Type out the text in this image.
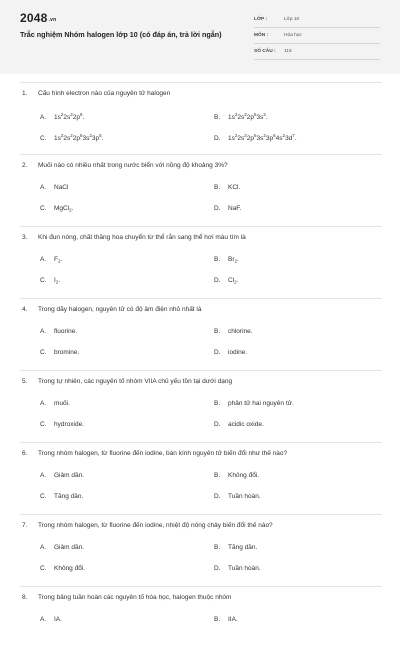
2048.vn
Trắc nghiệm Nhóm halogen lớp 10 (có đáp án, trả lời ngắn)
LỚP :	Lớp 10
MÔN :	Hóa học
SỐ CÂU : 115
1. Cấu hình electron nào của nguyên tử halogen
A. $1s^22s^22p^6$.	B. $1s^22s^22p^63s^2$.
C. $1s^22s^22p^63s^23p^5$.	D. $1s^22s^22p^63s^23p^64s^23d^7$.
2. Muối nào có nhiều nhất trong nước biển với nồng độ khoảng 3%?
A. NaCl	B. KCl.
C. MgCl$_2$.	D. NaF.
3. Khi đun nóng, chất thăng hoa chuyển từ thể rắn sang thể hơi màu tím là
A. $F_2$.	B. $Br_2$.
C. $I_2$.	D. $Cl_2$.
4. Trong dãy halogen, nguyên tử có độ âm điện nhỏ nhất là
A. fluorine.	B. chlorine.
C. bromine.	D. iodine.
5. Trong tự nhiên, các nguyên tố nhóm VIIA chủ yếu tồn tại dưới dạng
A. muối.	B. phân tử hai nguyên tử.
C. hydroxide.	D. acidic oxide.
6. Trong nhóm halogen, từ fluorine đến iodine, bán kính nguyên tử biến đổi như thế nào?
A. Giảm dần.	B. Không đổi.
C. Tăng dần.	D. Tuần hoàn.
7. Trong nhóm halogen, từ fluorine đến iodine, nhiệt độ nóng chảy biến đổi thế nào?
A. Giảm dần.	B. Tăng dần.
C. Không đổi.	D. Tuần hoàn.
8. Trong bảng tuần hoàn các nguyên tố hóa học, halogen thuộc nhóm
A. IA.	B. IIA.
